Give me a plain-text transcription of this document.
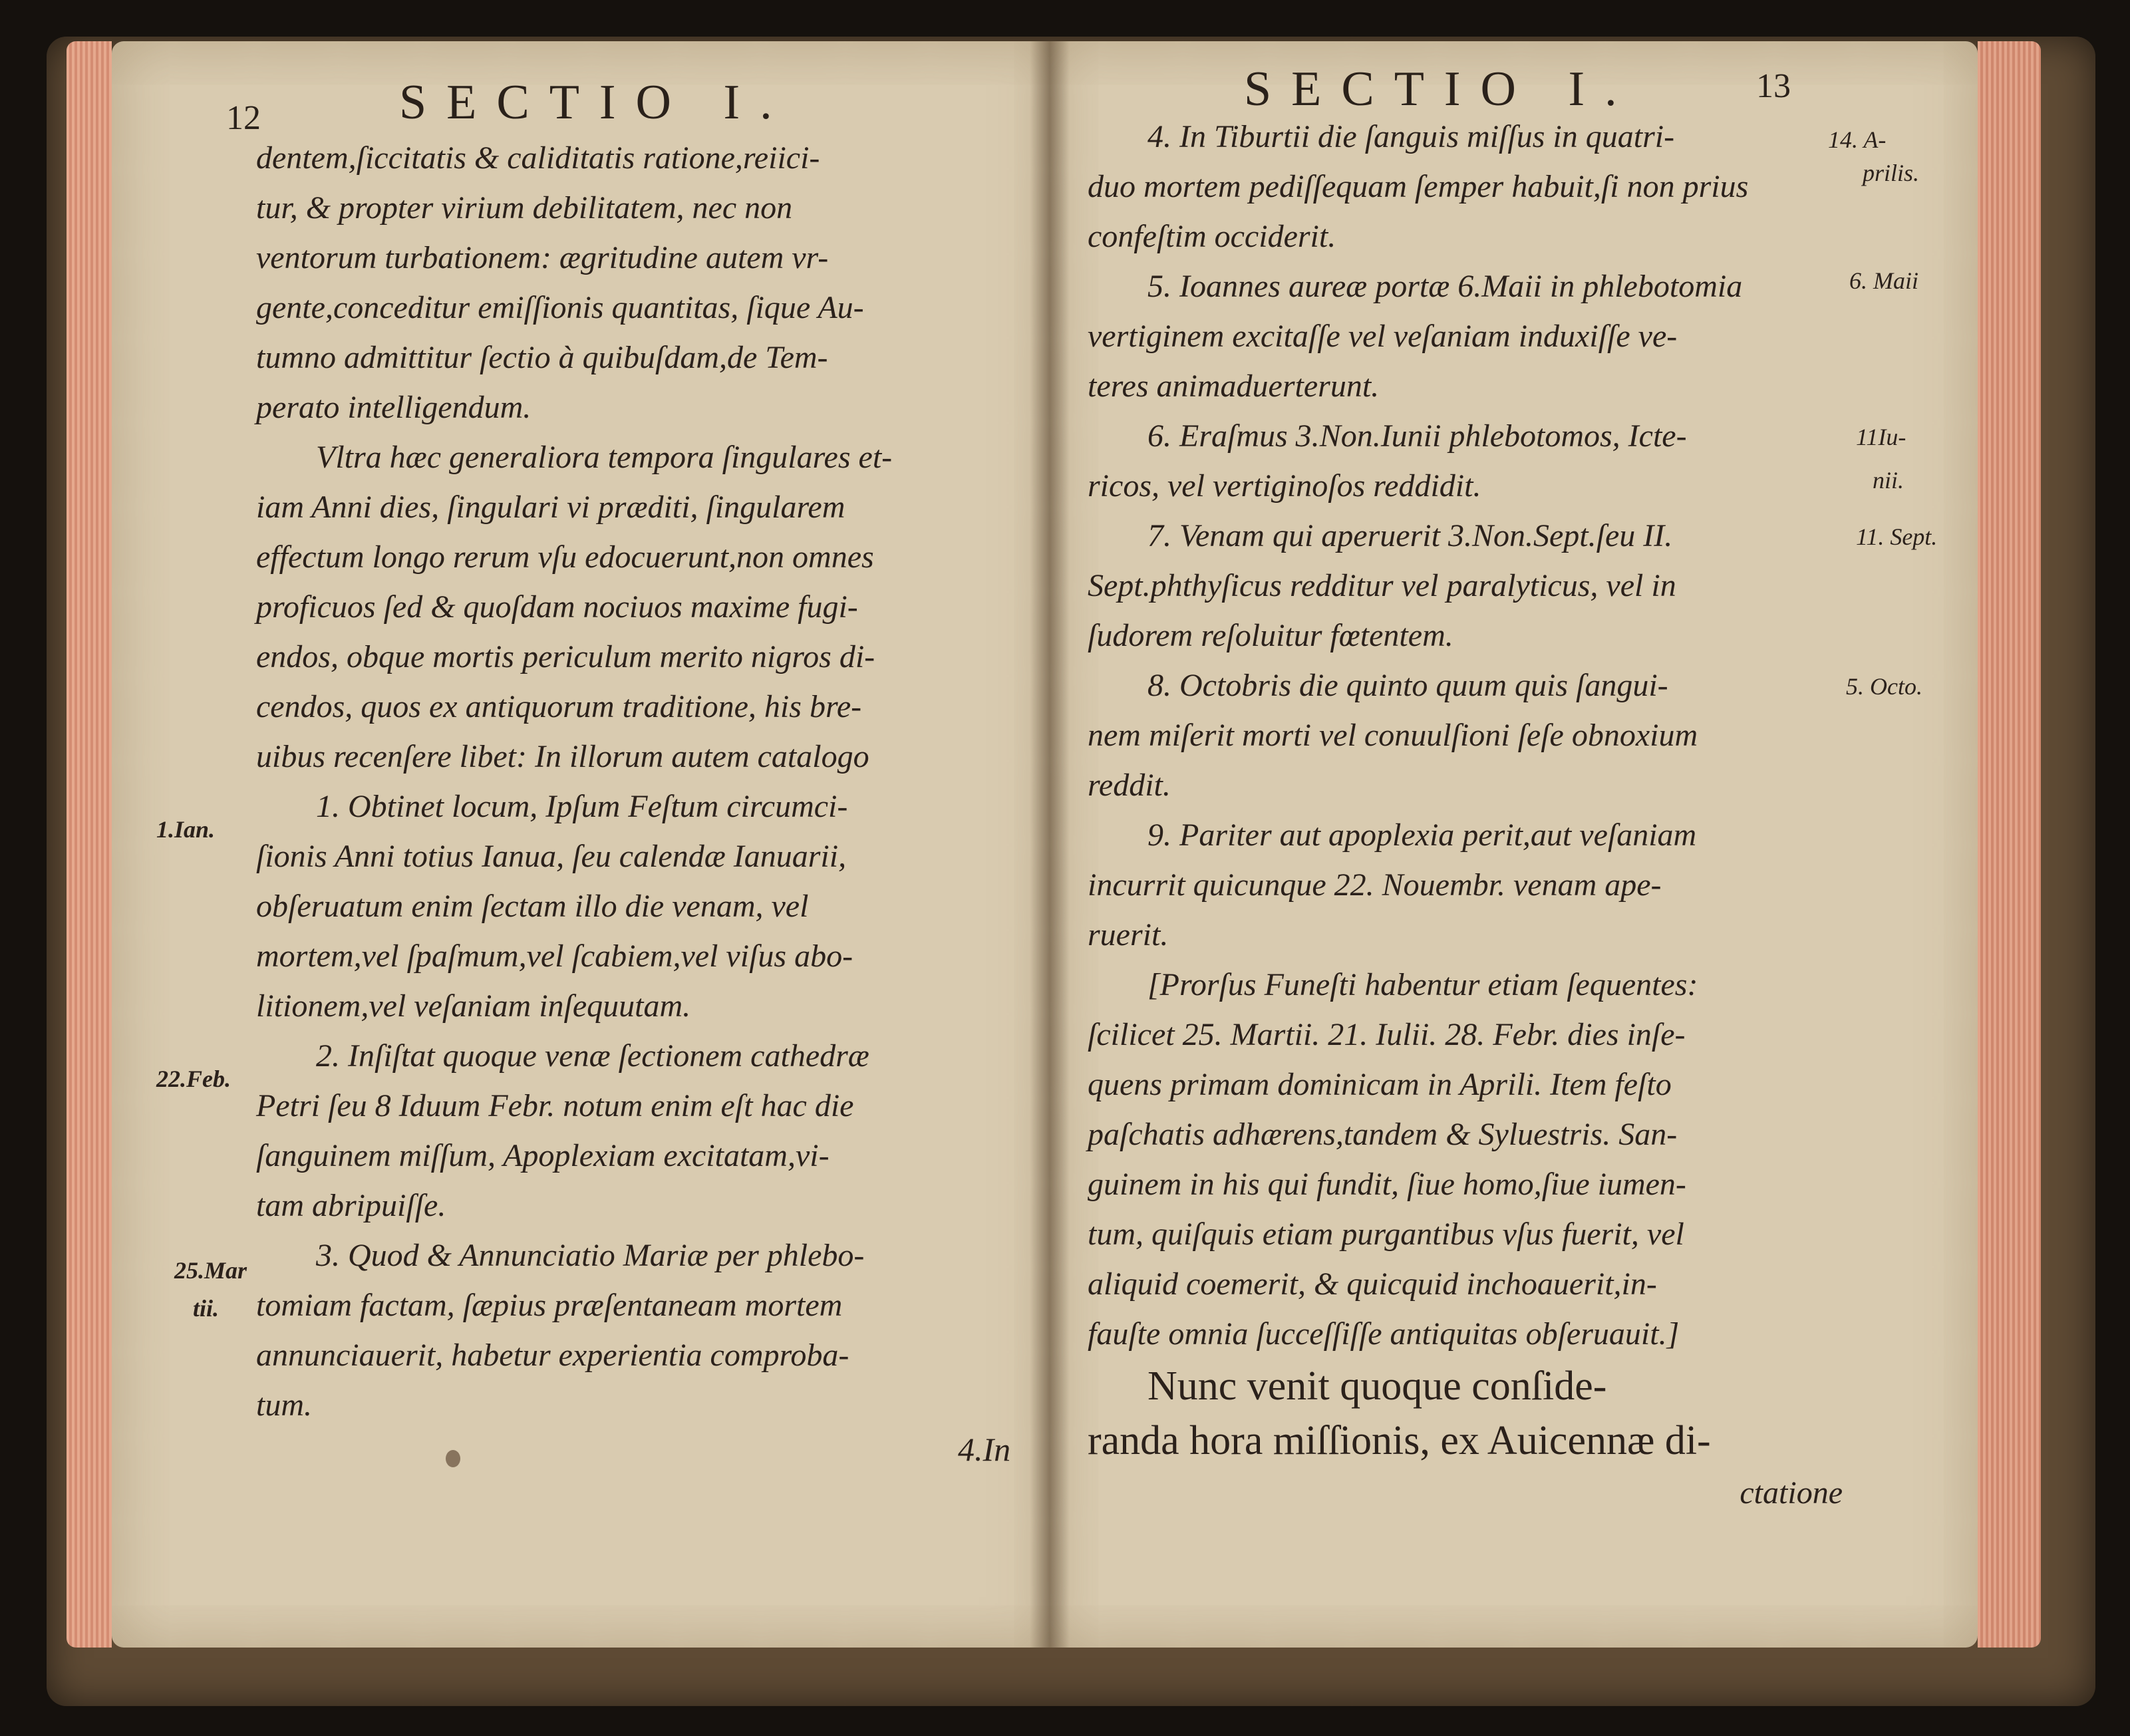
12	SECTIO I.
dentem,ſiccitatis & caliditatis ratione,reiici-
tur, & propter virium debilitatem, nec non
ventorum turbationem: ægritudine autem vr-
gente,conceditur emiſſionis quantitas, ſique Au-
tumno admittitur ſectio à quibuſdam,de Tem-
perato intelligendum.
Vltra hæc generaliora tempora ſingulares et-
iam Anni dies, ſingulari vi præditi, ſingularem
effectum longo rerum vſu edocuerunt,non omnes
proficuos ſed & quoſdam nociuos maxime fugi-
endos, obque mortis periculum merito nigros di-
cendos, quos ex antiquorum traditione, his bre-
uibus recenſere libet: In illorum autem catalogo
1. Obtinet locum, Ipſum Feſtum circumci-
ſionis Anni totius Ianua, ſeu calendæ Ianuarii,
obſeruatum enim ſectam illo die venam, vel
mortem,vel ſpaſmum,vel ſcabiem,vel viſus abo-
litionem,vel veſaniam inſequutam.
2. Inſiſtat quoque venæ ſectionem cathedræ
Petri ſeu 8 Iduum Febr. notum enim eſt hac die
ſanguinem miſſum, Apoplexiam excitatam,vi-
tam abripuiſſe.
3. Quod & Annunciatio Mariæ per phlebo-
tomiam factam, ſæpius præſentaneam mortem
annunciauerit, habetur experientia comproba-
tum.
1.Ian.
22.Feb.
25.Mar
tii.
4.In
SECTIO I.	13
4. In Tiburtii die ſanguis miſſus in quatri-
duo mortem pediſſequam ſemper habuit,ſi non prius
confeſtim occiderit.
5. Ioannes aureæ portæ 6.Maii in phlebotomia
vertiginem excitaſſe vel veſaniam induxiſſe ve-
teres animaduerterunt.
6. Eraſmus 3.Non.Iunii phlebotomos, Icte-
ricos, vel vertiginoſos reddidit.
7. Venam qui aperuerit 3.Non.Sept.ſeu II.
Sept.phthyſicus redditur vel paralyticus, vel in
ſudorem reſoluitur fœtentem.
8. Octobris die quinto quum quis ſangui-
nem miſerit morti vel conuulſioni ſeſe obnoxium
reddit.
9. Pariter aut apoplexia perit,aut veſaniam
incurrit quicunque 22. Nouembr. venam ape-
ruerit.
[Prorſus Funeſti habentur etiam ſequentes:
ſcilicet 25. Martii. 21. Iulii. 28. Febr. dies inſe-
quens primam dominicam in Aprili. Item feſto
paſchatis adhærens,tandem & Syluestris. San-
guinem in his qui fundit, ſiue homo,ſiue iumen-
tum, quiſquis etiam purgantibus vſus fuerit, vel
aliquid coemerit, & quicquid inchoauerit,in-
fauſte omnia ſucceſſiſſe antiquitas obſeruauit.]
Nunc venit quoque conſide-
randa hora miſſionis, ex Auicennæ di-
ctatione
14. A-
prilis.
6. Maii
11Iu-
nii.
11. Sept.
5. Octo.
